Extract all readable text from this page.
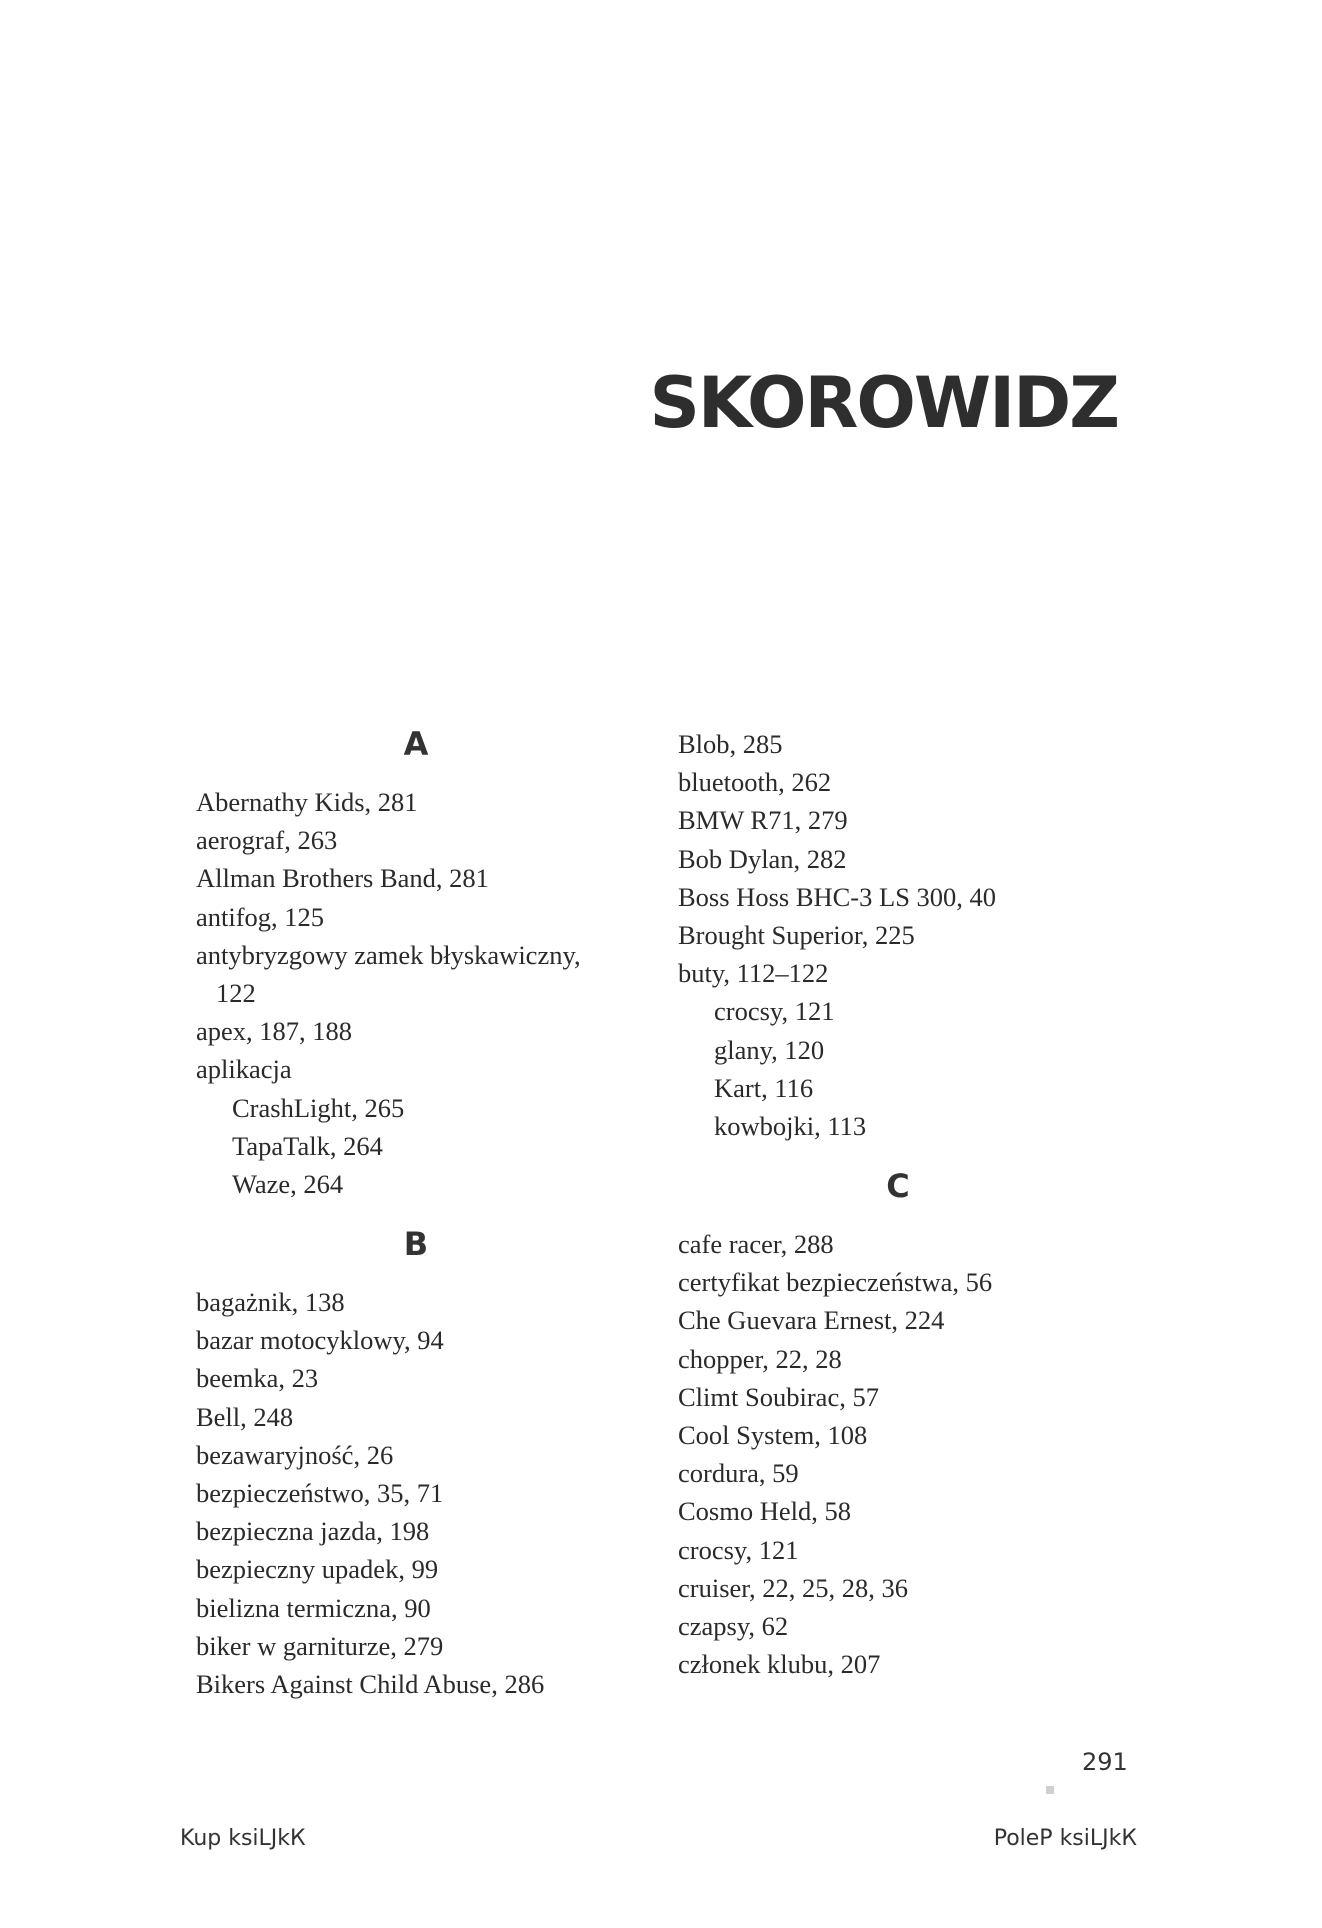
SKOROWIDZ
A
Abernathy Kids, 281
aerograf, 263
Allman Brothers Band, 281
antifog, 125
antybryzgowy zamek błyskawiczny,
122
apex, 187, 188
aplikacja
CrashLight, 265
TapaTalk, 264
Waze, 264
B
bagażnik, 138
bazar motocyklowy, 94
beemka, 23
Bell, 248
bezawaryjność, 26
bezpieczeństwo, 35, 71
bezpieczna jazda, 198
bezpieczny upadek, 99
bielizna termiczna, 90
biker w garniturze, 279
Bikers Against Child Abuse, 286
Blob, 285
bluetooth, 262
BMW R71, 279
Bob Dylan, 282
Boss Hoss BHC-3 LS 300, 40
Brought Superior, 225
buty, 112–122
crocsy, 121
glany, 120
Kart, 116
kowbojki, 113
C
cafe racer, 288
certyfikat bezpieczeństwa, 56
Che Guevara Ernest, 224
chopper, 22, 28
Climt Soubirac, 57
Cool System, 108
cordura, 59
Cosmo Held, 58
crocsy, 121
cruiser, 22, 25, 28, 36
czapsy, 62
członek klubu, 207
291
Kup ksiLЈkК	PoleР ksiLЈkК
